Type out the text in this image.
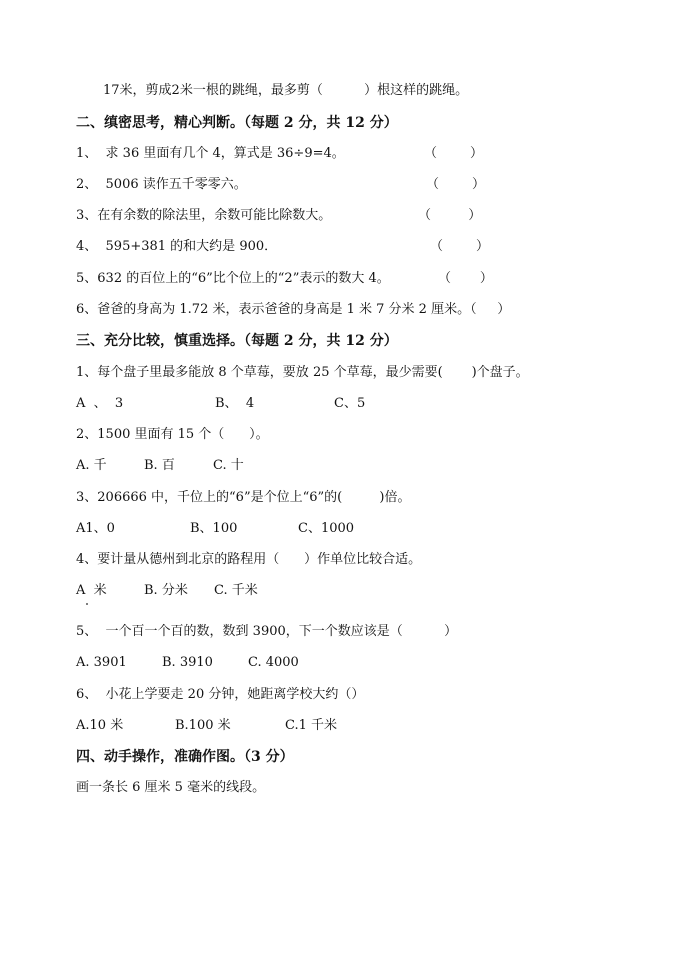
17米，剪成2米一根的跳绳，最多剪（          ）根这样的跳绳。
二、缜密思考，精心判断。（每题 2 分，共 12 分）
1、  求 36 里面有几个 4，算式是 36÷9=4。	（        ）
2、  5006 读作五千零零六。	（        ）
3、在有余数的除法里，余数可能比除数大。	（         ）
4、  595+381 的和大约是 900．	（        ）
5、632 的百位上的“6”比个位上的“2”表示的数大 4。	（       ）
6、爸爸的身高为 1.72 米，表示爸爸的身高是 1 米 7 分米 2 厘米。（     ）
三、充分比较，慎重选择。（每题 2 分，共 12 分）
1、每个盘子里最多能放 8 个草莓，要放 25 个草莓，最少需要(       )个盘子。
A  、  3	B、  4	C、5
2、1500 里面有 15 个（      ）。
A. 千	B. 百	C. 十
3、206666 中，千位上的“6”是个位上“6”的(         )倍。
A1、0	B、100	C、1000
4、要计量从德州到北京的路程用（      ）作单位比较合适。
A  米	B. 分米 C. 千米
5、  一个百一个百的数，数到 3900，下一个数应该是（          ）
A. 3901	B. 3910	C. 4000
6、  小花上学要走 20 分钟，她距离学校大约（）
A.10 米	B.100 米	C.1 千米
四、动手操作，准确作图。（3 分）
画一条长 6 厘米 5 毫米的线段。
